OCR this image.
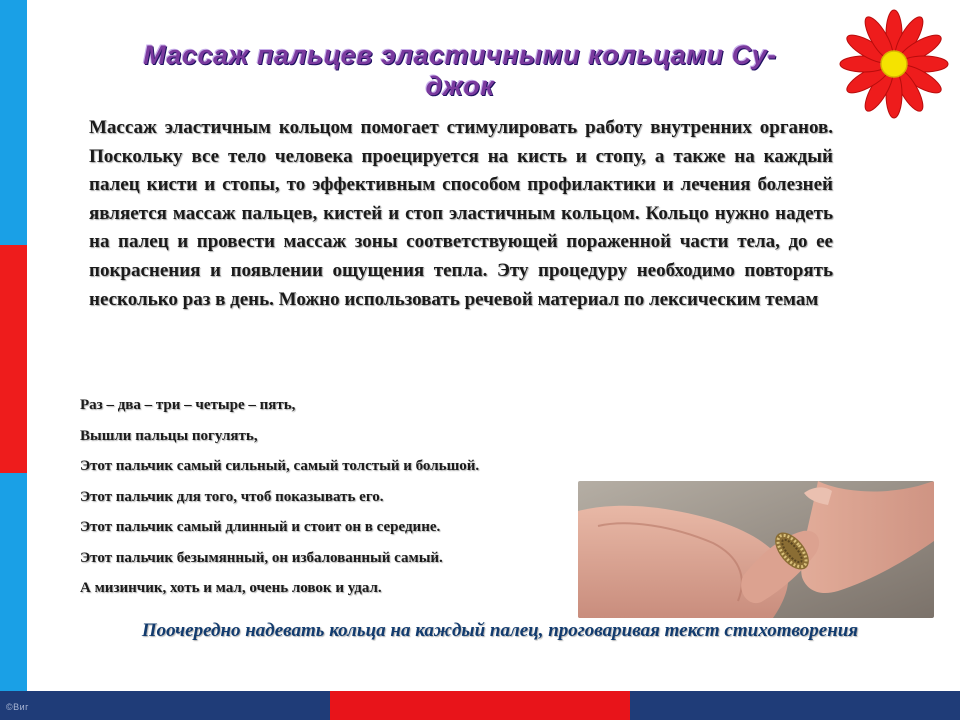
©Виг
Массаж пальцев эластичными кольцами Су-джок
Массаж эластичным кольцом помогает стимулировать работу внутренних органов. Поскольку все тело человека проецируется на кисть и стопу, а также на каждый палец кисти и стопы, то эффективным способом профилактики и лечения болезней является массаж пальцев, кистей и стоп эластичным кольцом. Кольцо нужно надеть на палец и провести массаж зоны соответствующей пораженной части тела, до ее покраснения и появлении ощущения тепла. Эту процедуру необходимо повторять несколько раз в день. Можно использовать речевой материал по лексическим темам
Раз – два – три – четыре – пять,
Вышли пальцы погулять,
Этот пальчик самый сильный, самый толстый и большой.
Этот пальчик для того, чтоб показывать его.
Этот пальчик самый длинный и стоит он в середине.
Этот пальчик безымянный, он избалованный самый.
А мизинчик, хоть и мал, очень ловок и удал.
Поочередно надевать кольца на каждый палец, проговаривая текст стихотворения
